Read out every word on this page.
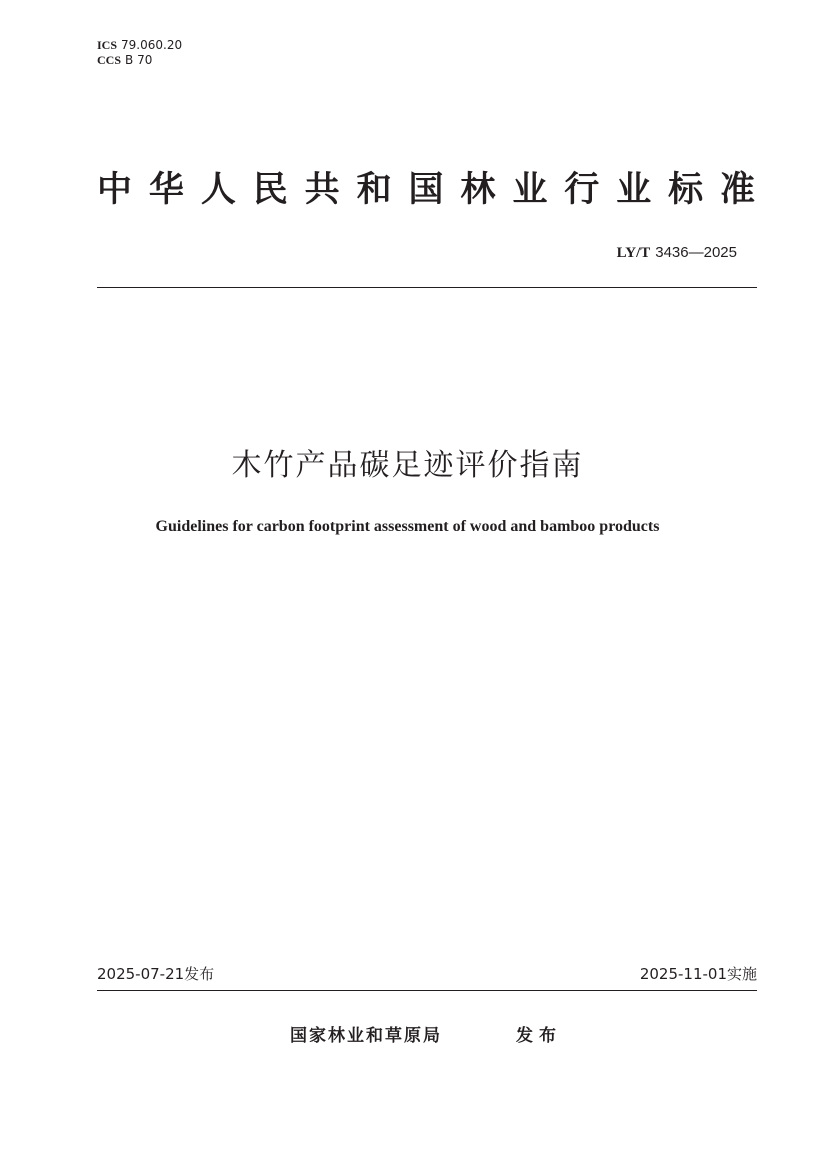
ICS 79.060.20
CCS B 70
中华人民共和国林业行业标准
LY/T 3436—2025
木竹产品碳足迹评价指南
Guidelines for carbon footprint assessment of wood and bamboo products
2025-07-21发布	2025-11-01实施
国家林业和草原局	发布
